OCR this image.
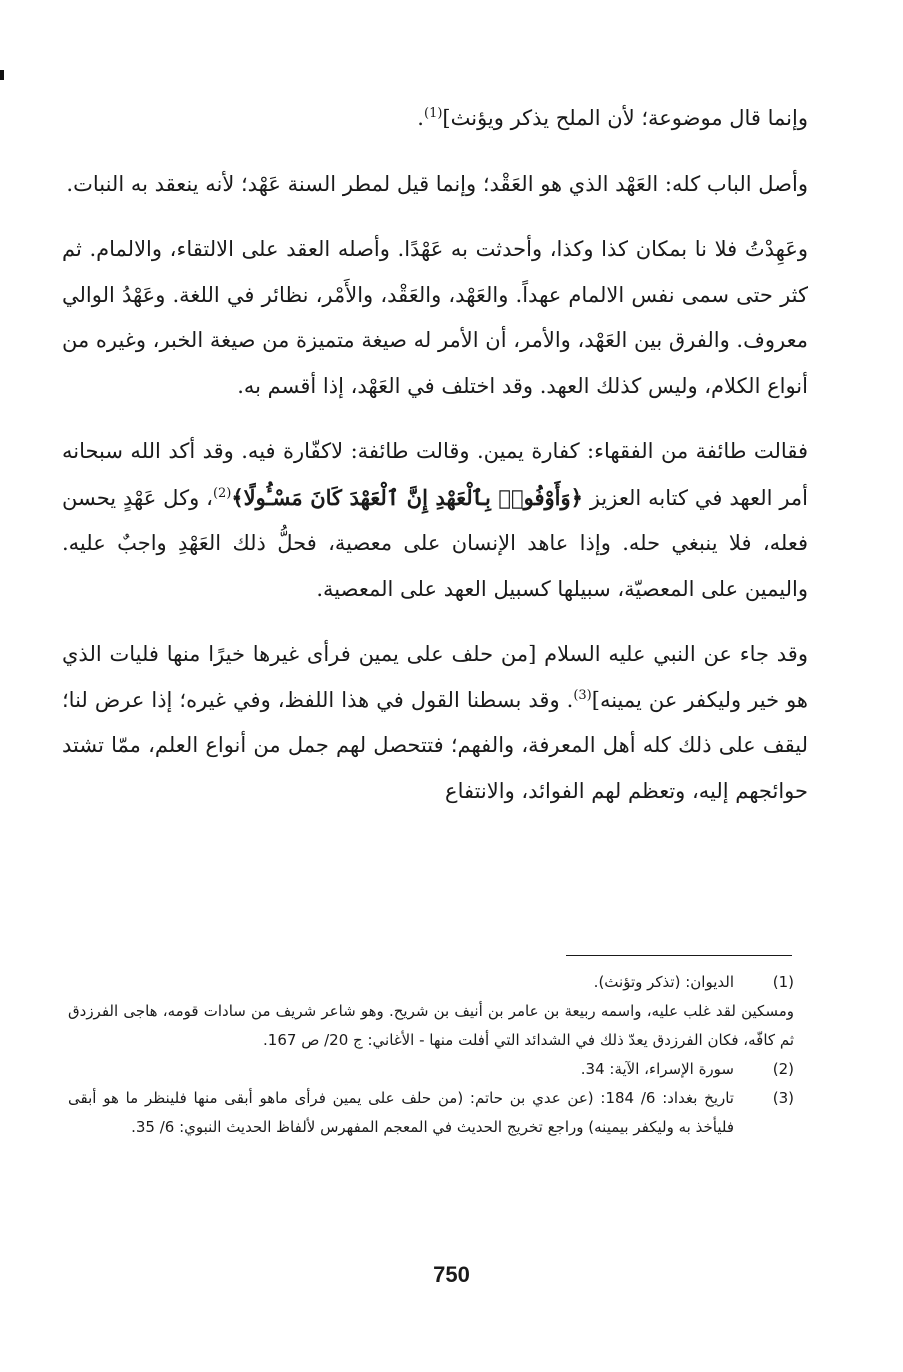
وإنما قال موضوعة؛ لأن الملح يذكر ويؤنث]$^{(1)}$.

وأصل الباب كله: العَهْد الذي هو العَقْد؛ وإنما قيل لمطر السنة عَهْد؛ لأنه ينعقد به النبات.

وعَهِدْتُ فلا نا بمكان كذا وكذا، وأحدثت به عَهْدًا. وأصله العقد على الالتقاء، والالمام. ثم كثر حتى سمى نفس الالمام عهداً. والعَهْد، والعَقْد، والأَمْر، نظائر في اللغة. وعَهْدُ الوالي معروف. والفرق بين العَهْد، والأمر، أن الأمر له صيغة متميزة من صيغة الخبر، وغيره من أنواع الكلام، وليس كذلك العهد. وقد اختلف في العَهْد، إذا أقسم به.

فقالت طائفة من الفقهاء: كفارة يمين. وقالت طائفة: لاكفّارة فيه. وقد أكد الله سبحانه أمر العهد في كتابه العزيز ﴿وَأَوْفُوا۟ بِٱلْعَهْدِ إِنَّ ٱلْعَهْدَ كَانَ مَسْـُٔولًا﴾$^{(2)}$، وكل عَهْدٍ يحسن فعله، فلا ينبغي حله. وإذا عاهد الإنسان على معصية، فحلُّ ذلك العَهْدِ واجبٌ عليه. واليمين على المعصيّة، سبيلها كسبيل العهد على المعصية.

وقد جاء عن النبي عليه السلام [من حلف على يمين فرأى غيرها خيرًا منها فليات الذي هو خير وليكفر عن يمينه]$^{(3)}$. وقد بسطنا القول في هذا اللفظ، وفي غيره؛ إذا عرض لنا؛ ليقف على ذلك كله أهل المعرفة، والفهم؛ فتتحصل لهم جمل من أنواع العلم، ممّا تشتد حوائجهم إليه، وتعظم لهم الفوائد، والانتفاع

(1)
الديوان: (تذكر وتؤنث).
ومسكين لقد غلب عليه، واسمه ربيعة بن عامر بن أنيف بن شريح. وهو شاعر شريف من سادات قومه، هاجى الفرزدق ثم كافّه، فكان الفرزدق يعدّ ذلك في الشدائد التي أفلت منها - الأغاني: ج 20/ ص 167.
(2)
سورة الإسراء، الآية: 34.
(3)
تاريخ بغداد: 6/ 184: (عن عدي بن حاتم: (من حلف على يمين فرأى ماهو أبقى منها فلينظر ما هو أبقى فليأخذ به وليكفر بيمينه) وراجع تخريج الحديث في المعجم المفهرس لألفاظ الحديث النبوي: 6/ 35.
750
